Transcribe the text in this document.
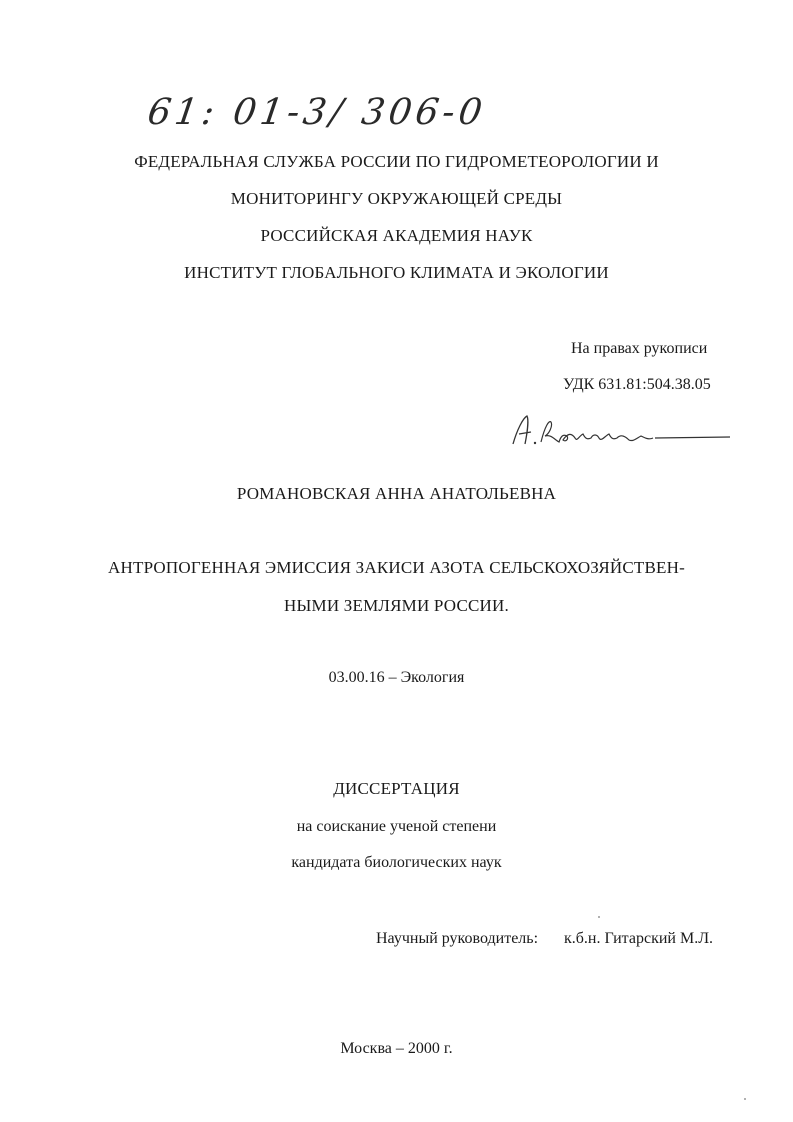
61: 01-3/ 306-0
ФЕДЕРАЛЬНАЯ СЛУЖБА РОССИИ ПО ГИДРОМЕТЕОРОЛОГИИ И
МОНИТОРИНГУ ОКРУЖАЮЩЕЙ СРЕДЫ
РОССИЙСКАЯ АКАДЕМИЯ НАУК
ИНСТИТУТ ГЛОБАЛЬНОГО КЛИМАТА И ЭКОЛОГИИ
На правах рукописи
УДК 631.81:504.38.05
РОМАНОВСКАЯ АННА АНАТОЛЬЕВНА
АНТРОПОГЕННАЯ ЭМИССИЯ ЗАКИСИ АЗОТА СЕЛЬСКОХОЗЯЙСТВЕН-
НЫМИ ЗЕМЛЯМИ РОССИИ.
03.00.16 – Экология
ДИССЕРТАЦИЯ
на соискание ученой степени
кандидата биологических наук
Научный руководитель: к.б.н. Гитарский М.Л.
Москва – 2000 г.
